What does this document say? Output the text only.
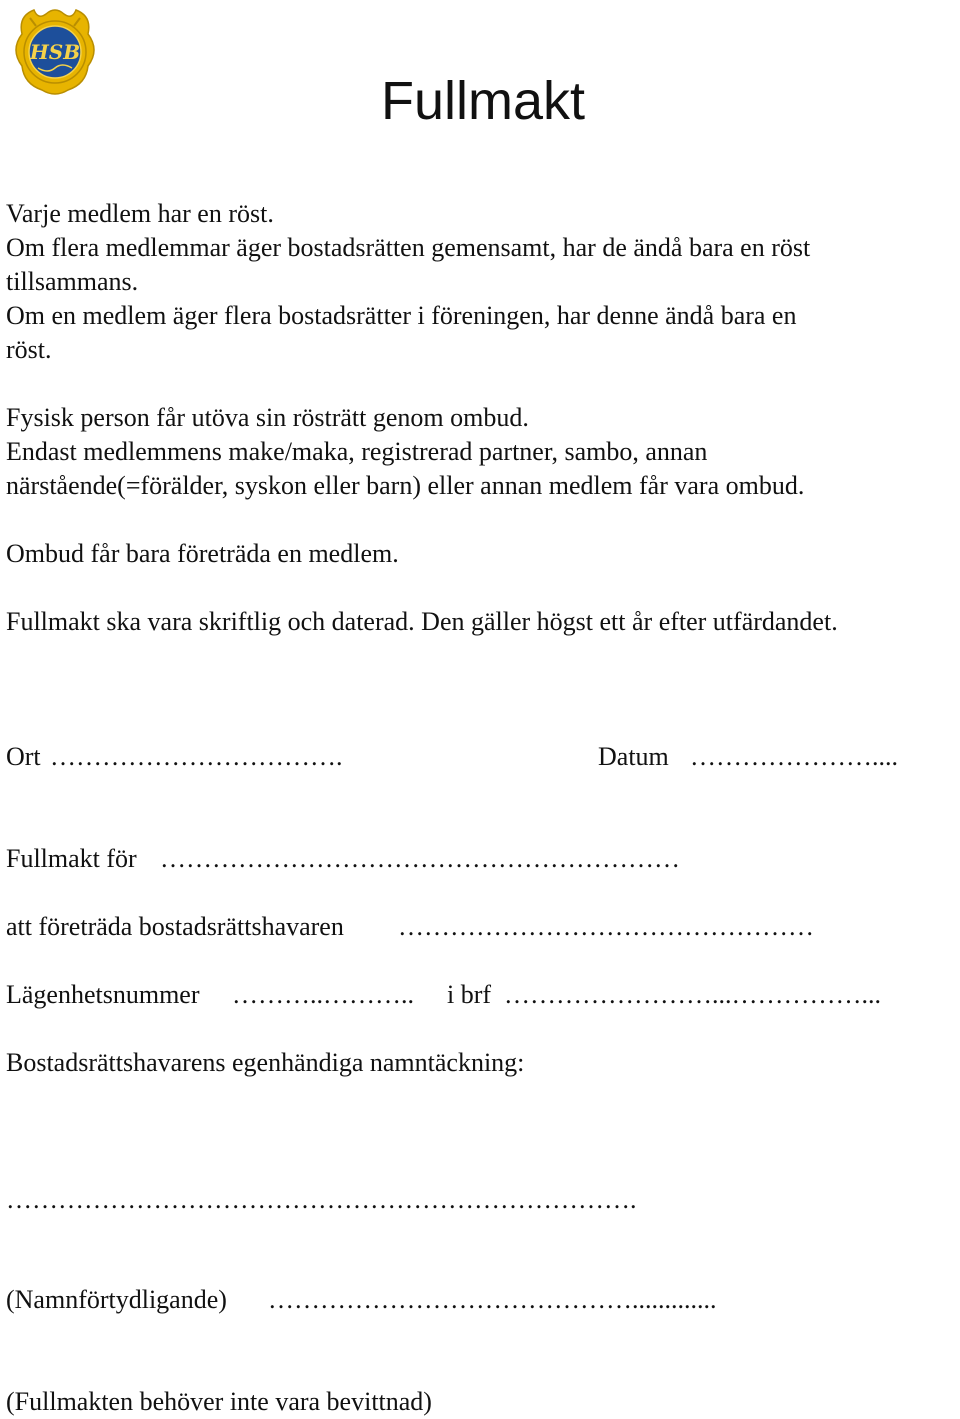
HSB
Fullmakt
Varje medlem har en röst.
Om flera medlemmar äger bostadsrätten gemensamt, har de ändå bara en röst
tillsammans.
Om en medlem äger flera bostadsrätter i föreningen, har denne ändå bara en
röst.
Fysisk person får utöva sin rösträtt genom ombud.
Endast medlemmens make/maka, registrerad partner, sambo, annan
närstående(=förälder, syskon eller barn) eller annan medlem får vara ombud.
Ombud får bara företräda en medlem.
Fullmakt ska vara skriftlig och daterad. Den gäller högst ett år efter utfärdandet.
Ort …………………………….	Datum …………………....
Fullmakt för ……………………………………………………
att företräda bostadsrättshavaren …………………………………………
Lägenhetsnummer ………..……….. i brf ……………………...……………...
Bostadsrättshavarens egenhändiga namntäckning:
……………………………………………………………….
(Namnförtydligande) …………………………………….............
(Fullmakten behöver inte vara bevittnad)
